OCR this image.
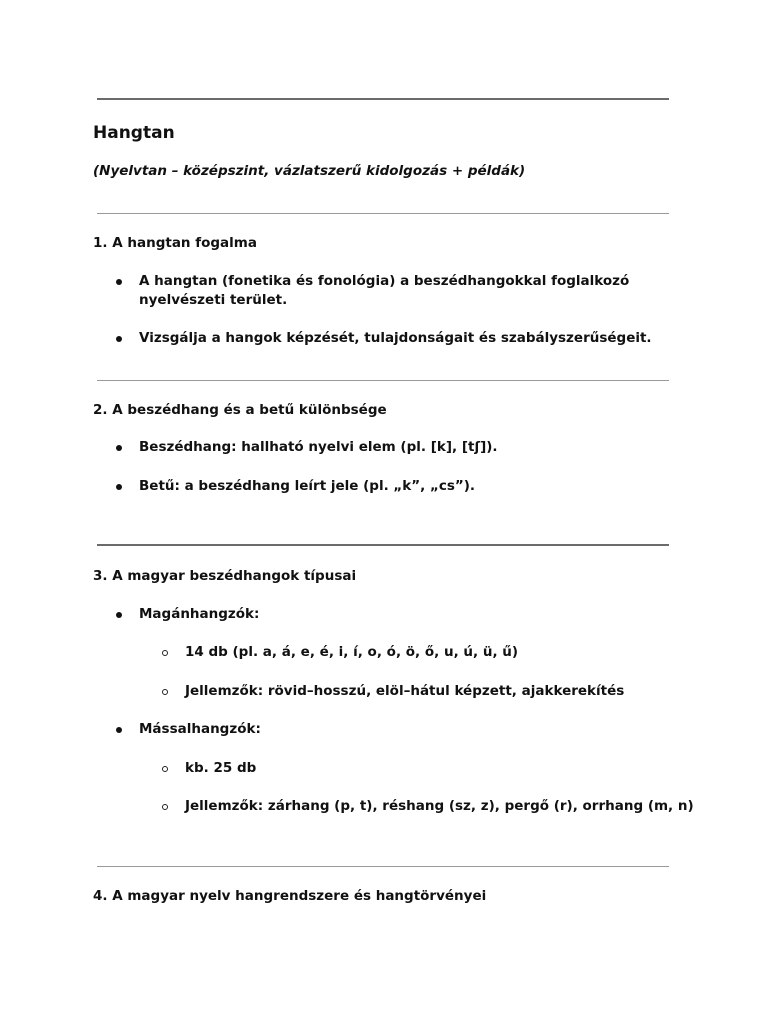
Hangtan

(Nyelvtan – középszint, vázlatszerű kidolgozás + példák)

1. A hangtan fogalma
A hangtan (fonetika és fonológia) a beszédhangokkal foglalkozó
nyelvészeti terület.
Vizsgálja a hangok képzését, tulajdonságait és szabályszerűségeit.
2. A beszédhang és a betű különbsége
Beszédhang: hallható nyelvi elem (pl. [k], [tʃ]).
Betű: a beszédhang leírt jele (pl. „k”, „cs”).
3. A magyar beszédhangok típusai
Magánhangzók:
14 db (pl. a, á, e, é, i, í, o, ó, ö, ő, u, ú, ü, ű)
Jellemzők: rövid–hosszú, elöl–hátul képzett, ajakkerekítés
Mássalhangzók:
kb. 25 db
Jellemzők: zárhang (p, t), réshang (sz, z), pergő (r), orrhang (m, n)
4. A magyar nyelv hangrendszere és hangtörvényei
